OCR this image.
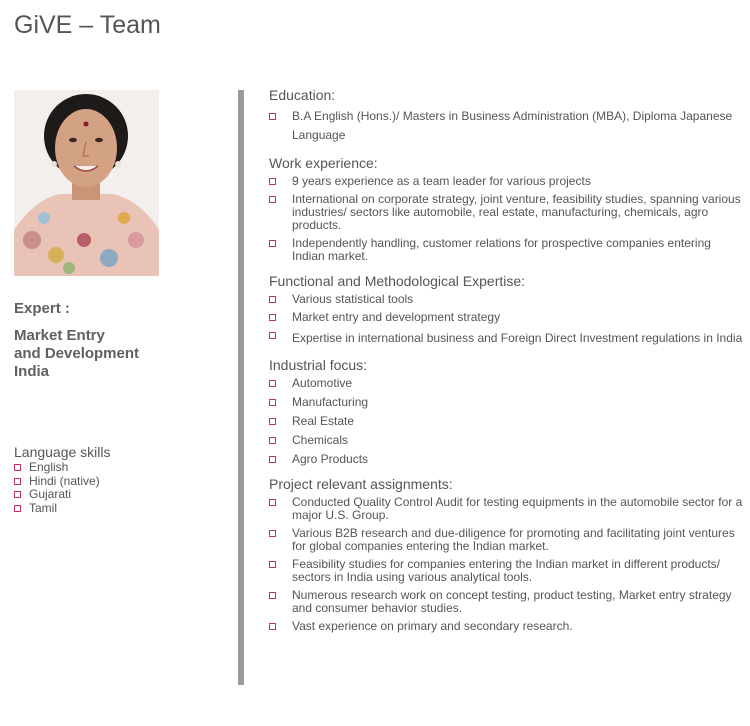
GiVE – Team
Expert :
Market Entry
and Development
India
Language skills
English
Hindi (native)
Gujarati
Tamil
Education:
B.A English (Hons.)/ Masters in Business Administration (MBA), Diploma Japanese Language
Work experience:
9 years experience as a team leader for various projects
International on corporate strategy, joint venture, feasibility studies, spanning various industries/ sectors like automobile, real estate, manufacturing, chemicals, agro products.
Independently handling, customer relations for prospective companies entering Indian market.
Functional and Methodological Expertise:
Various statistical tools
Market entry and development strategy
Expertise in international business and Foreign Direct Investment regulations in India
Industrial focus:
Automotive
Manufacturing
Real Estate
Chemicals
Agro Products
Project relevant assignments:
Conducted Quality Control Audit for testing equipments in the automobile sector for a major U.S. Group.
Various B2B research and due-diligence for promoting and facilitating joint ventures for global companies entering the Indian market.
Feasibility studies for companies entering the Indian market in different products/ sectors in India using various analytical tools.
Numerous research work on concept testing, product testing, Market entry strategy and consumer behavior studies.
Vast experience on primary and secondary research.
